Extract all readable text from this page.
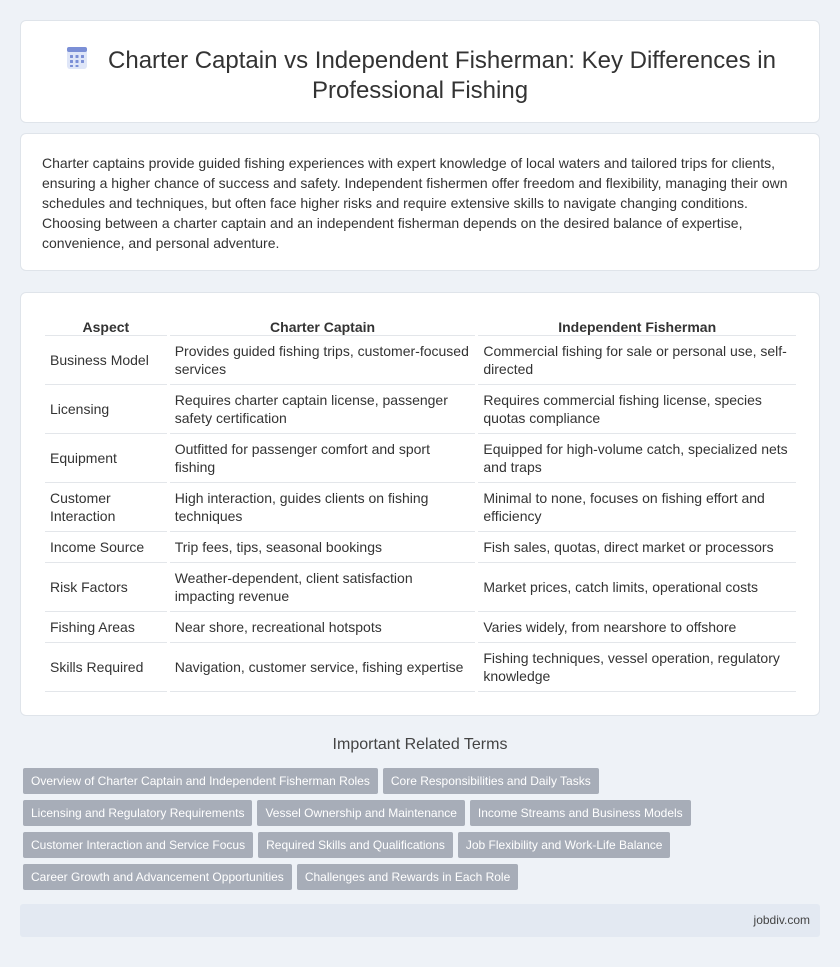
Charter Captain vs Independent Fisherman: Key Differences in Professional Fishing

Charter captains provide guided fishing experiences with expert knowledge of local waters and tailored trips for clients, ensuring a higher chance of success and safety. Independent fishermen offer freedom and flexibility, managing their own schedules and techniques, but often face higher risks and require extensive skills to navigate changing conditions. Choosing between a charter captain and an independent fisherman depends on the desired balance of expertise, convenience, and personal adventure.

Aspect	Charter Captain	Independent Fisherman
Business Model	Provides guided fishing trips, customer-focused services	Commercial fishing for sale or personal use, self-directed
Licensing	Requires charter captain license, passenger safety certification	Requires commercial fishing license, species quotas compliance
Equipment	Outfitted for passenger comfort and sport fishing	Equipped for high-volume catch, specialized nets and traps
Customer Interaction	High interaction, guides clients on fishing techniques	Minimal to none, focuses on fishing effort and efficiency
Income Source	Trip fees, tips, seasonal bookings	Fish sales, quotas, direct market or processors
Risk Factors	Weather-dependent, client satisfaction impacting revenue	Market prices, catch limits, operational costs
Fishing Areas	Near shore, recreational hotspots	Varies widely, from nearshore to offshore
Skills Required	Navigation, customer service, fishing expertise	Fishing techniques, vessel operation, regulatory knowledge
Important Related Terms
Overview of Charter Captain and Independent Fisherman Roles Core Responsibilities and Daily Tasks
Licensing and Regulatory Requirements Vessel Ownership and Maintenance Income Streams and Business Models
Customer Interaction and Service Focus Required Skills and Qualifications Job Flexibility and Work-Life Balance
Career Growth and Advancement Opportunities Challenges and Rewards in Each Role
jobdiv.com
